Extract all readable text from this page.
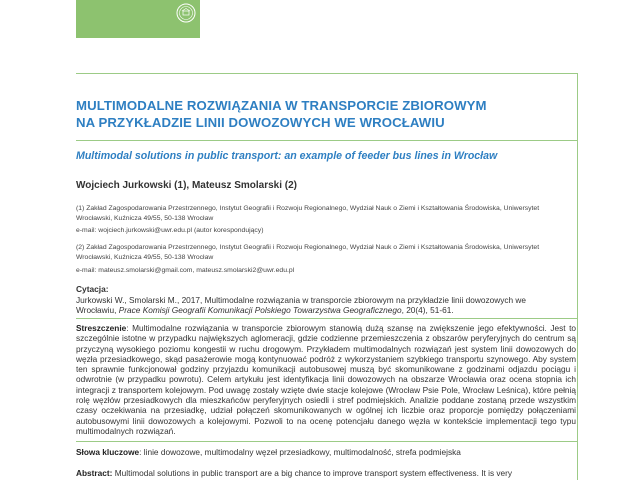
MULTIMODALNE ROZWIĄZANIA W TRANSPORCIE ZBIOROWYM
NA PRZYKŁADZIE LINII DOWOZOWYCH WE WROCŁAWIU
Multimodal solutions in public transport: an example of feeder bus lines in Wrocław
Wojciech Jurkowski (1), Mateusz Smolarski (2)
(1) Zakład Zagospodarowania Przestrzennego, Instytut Geografii i Rozwoju Regionalnego, Wydział Nauk o Ziemi i Kształtowania Środowiska, Uniwersytet
Wrocławski, Kuźnicza 49/55, 50-138 Wrocław
e-mail: wojciech.jurkowski@uwr.edu.pl (autor korespondujący)
(2) Zakład Zagospodarowania Przestrzennego, Instytut Geografii i Rozwoju Regionalnego, Wydział Nauk o Ziemi i Kształtowania Środowiska, Uniwersytet
Wrocławski, Kuźnicza 49/55, 50-138 Wrocław
e-mail: mateusz.smolarski@gmail.com, mateusz.smolarski2@uwr.edu.pl
Cytacja:
Jurkowski W., Smolarski M., 2017, Multimodalne rozwiązania w transporcie zbiorowym na przykładzie linii dowozowych we
Wrocławiu, Prace Komisji Geografii Komunikacji Polskiego Towarzystwa Geograficznego, 20(4), 51-61.
Streszczenie: Multimodalne rozwiązania w transporcie zbiorowym stanowią dużą szansę na zwiększenie jego efektywności. Jest to szczególnie istotne w przypadku największych aglomeracji, gdzie codzienne przemieszczenia z obszarów peryferyjnych do centrum są przyczyną wysokiego poziomu kongestii w ruchu drogowym. Przykładem multimodalnych rozwiązań jest system linii dowozowych do węzła przesiadkowego, skąd pasażerowie mogą kontynuować podróż z wykorzystaniem szybkiego transportu szynowego. Aby system ten sprawnie funkcjonował godziny przyjazdu komunikacji autobusowej muszą być skomunikowane z godzinami odjazdu pociągu i odwrotnie (w przypadku powrotu). Celem artykułu jest identyfikacja linii dowozowych na obszarze Wrocławia oraz ocena stopnia ich integracji z transportem kolejowym. Pod uwagę zostały wzięte dwie stacje kolejowe (Wrocław Psie Pole, Wrocław Leśnica), które pełnią rolę węzłów przesiadkowych dla mieszkańców peryferyjnych osiedli i stref podmiejskich. Analizie poddane zostaną przede wszystkim czasy oczekiwania na przesiadkę, udział połączeń skomunikowanych w ogólnej ich liczbie oraz proporcje pomiędzy połączeniami autobusowymi linii dowozowych a kolejowymi. Pozwoli to na ocenę potencjału danego węzła w kontekście implementacji tego typu multimodalnych rozwiązań.
Słowa kluczowe: linie dowozowe, multimodalny węzeł przesiadkowy, multimodalność, strefa podmiejska
Abstract: Multimodal solutions in public transport are a big chance to improve transport system effectiveness. It is very
